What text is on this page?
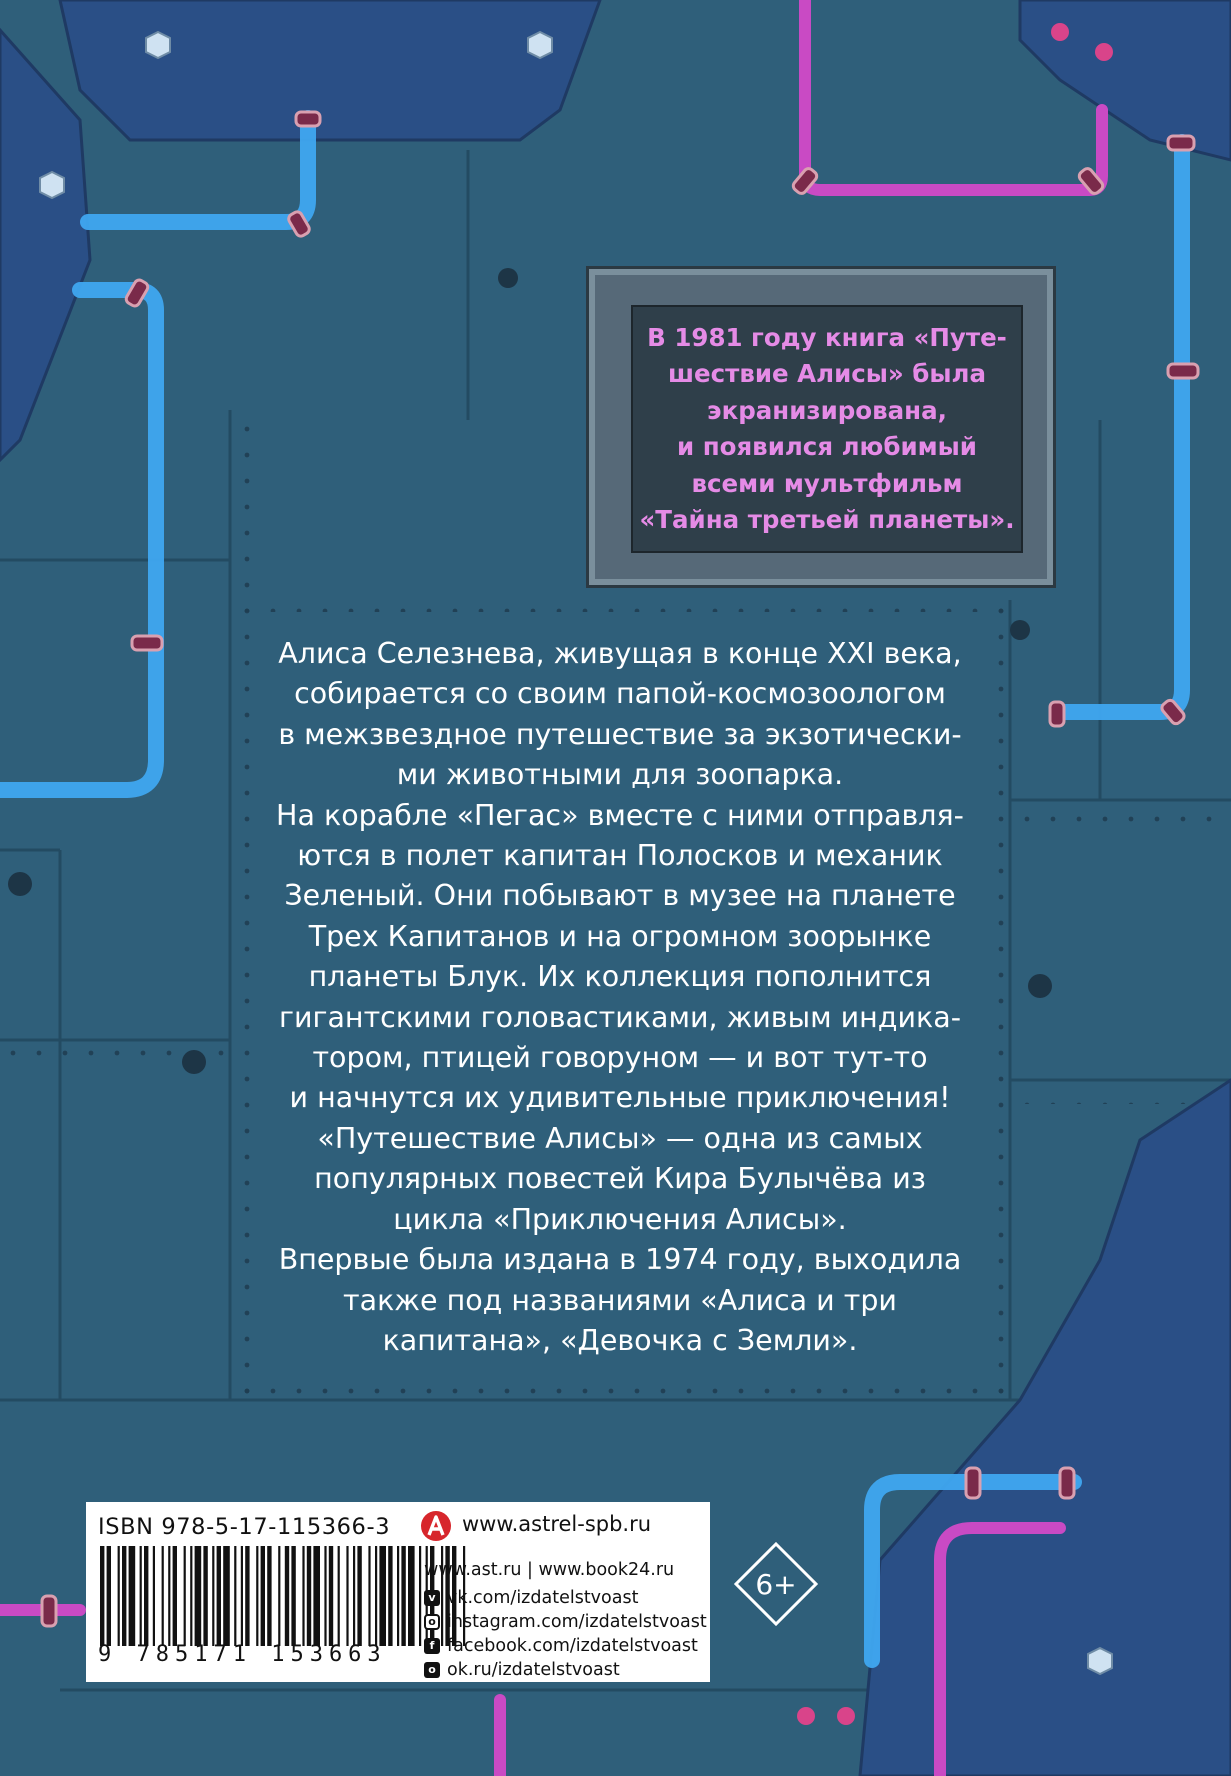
В 1981 году книга «Путе-
шествие Алисы» была
экранизирована,
и появился любимый
всеми мультфильм
«Тайна третьей планеты».
Алиса Селезнева, живущая в конце XXI века,
собирается со своим папой-космозоологом
в межзвездное путешествие за экзотически-
ми животными для зоопарка.
На корабле «Пегас» вместе с ними отправля-
ются в полет капитан Полосков и механик
Зеленый. Они побывают в музее на планете
Трех Капитанов и на огромном зоорынке
планеты Блук. Их коллекция пополнится
гигантскими головастиками, живым индика-
тором, птицей говоруном — и вот тут-то
и начнутся их удивительные приключения!
«Путешествие Алисы» — одна из самых
популярных повестей Кира Булычёва из
цикла «Приключения Алисы».
Впервые была издана в 1974 году, выходила
также под названиями «Алиса и три
капитана», «Девочка с Земли».
ISBN 978-5-17-115366-3
9 785171 153663
www.astrel-spb.ru
www.ast.ru | www.book24.ru
v vk.com/izdatelstvoast
o instagram.com/izdatelstvoast
f facebook.com/izdatelstvoast
o ok.ru/izdatelstvoast
6+
